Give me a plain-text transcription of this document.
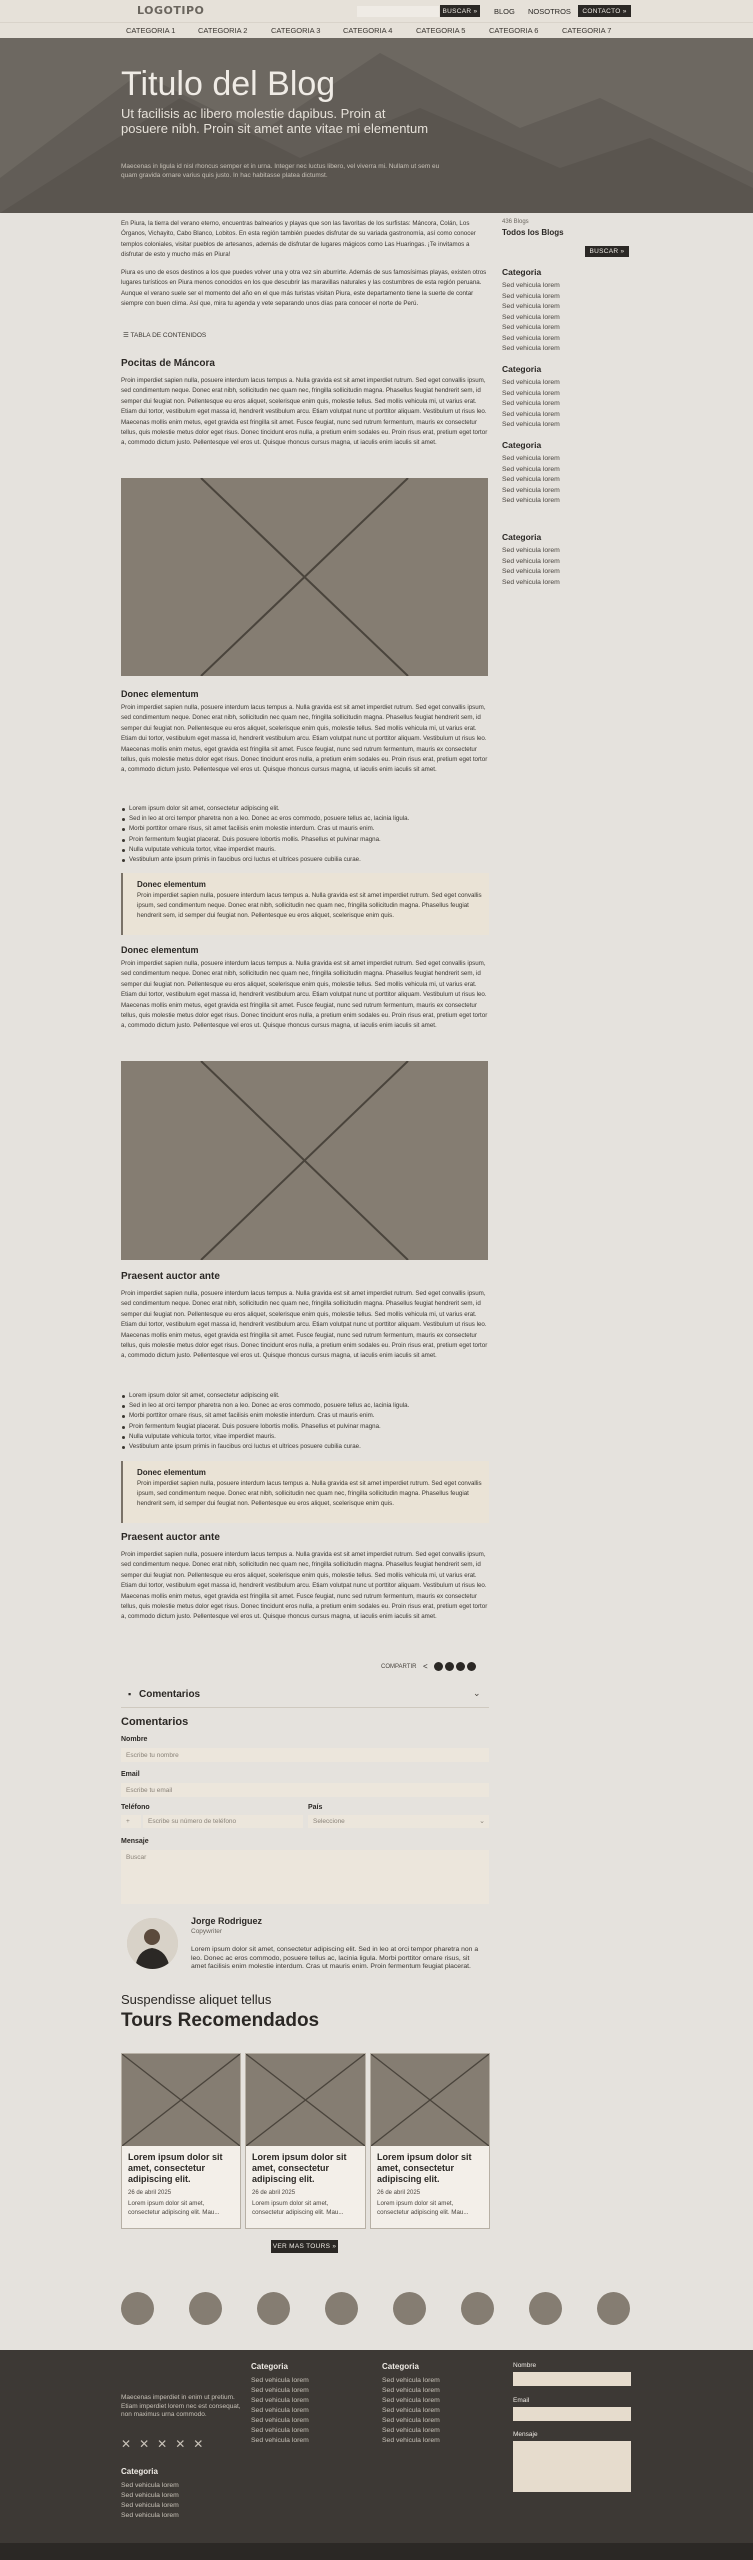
LOGOTIPO	BUSCAR »	BLOG NOSOTROS	CONTACTO »
CATEGORIA 1	CATEGORIA 2	CATEGORIA 3	CATEGORIA 4	CATEGORIA 5	CATEGORIA 6	CATEGORIA 7
Titulo del Blog
Ut facilisis ac libero molestie dapibus. Proin at posuere nibh. Proin sit amet ante vitae mi elementum
Maecenas in ligula id nisl rhoncus semper et in urna. Integer nec luctus libero, vel viverra mi. Nullam ut sem eu quam gravida ornare varius quis justo. In hac habitasse platea dictumst.
En Piura, la tierra del verano eterno, encuentras balnearios y playas que son las favoritas de los surfistas: Máncora, Colán, Los Órganos, Vichayito, Cabo Blanco, Lobitos. En esta región también puedes disfrutar de su variada gastronomía, así como conocer templos coloniales, visitar pueblos de artesanos, además de disfrutar de lugares mágicos como Las Huaringas. ¡Te invitamos a disfrutar de esto y mucho más en Piura!
Piura es uno de esos destinos a los que puedes volver una y otra vez sin aburrirte. Además de sus famosísimas playas, existen otros lugares turísticos en Piura menos conocidos en los que descubrir las maravillas naturales y las costumbres de esta región peruana. Aunque el verano suele ser el momento del año en el que más turistas visitan Piura, este departamento tiene la suerte de contar siempre con buen clima. Así que, mira tu agenda y vete separando unos días para conocer el norte de Perú.
☰ TABLA DE CONTENIDOS
Pocitas de Máncora
Proin imperdiet sapien nulla, posuere interdum lacus tempus a. Nulla gravida est sit amet imperdiet rutrum. Sed eget convallis ipsum, sed condimentum neque. Donec erat nibh, sollicitudin nec quam nec, fringilla sollicitudin magna. Phasellus feugiat hendrerit sem, id semper dui feugiat non. Pellentesque eu eros aliquet, scelerisque enim quis, molestie tellus. Sed mollis vehicula mi, ut varius erat. Etiam dui tortor, vestibulum eget massa id, hendrerit vestibulum arcu. Etiam volutpat nunc ut porttitor aliquam. Vestibulum ut risus leo. Maecenas mollis enim metus, eget gravida est fringilla sit amet. Fusce feugiat, nunc sed rutrum fermentum, mauris ex consectetur tellus, quis molestie metus dolor eget risus. Donec tincidunt eros nulla, a pretium enim sodales eu. Proin risus erat, pretium eget tortor a, commodo dictum justo. Pellentesque vel eros ut. Quisque rhoncus cursus magna, ut iaculis enim iaculis sit amet.
Donec elementum
Proin imperdiet sapien nulla, posuere interdum lacus tempus a. Nulla gravida est sit amet imperdiet rutrum. Sed eget convallis ipsum, sed condimentum neque. Donec erat nibh, sollicitudin nec quam nec, fringilla sollicitudin magna. Phasellus feugiat hendrerit sem, id semper dui feugiat non. Pellentesque eu eros aliquet, scelerisque enim quis, molestie tellus. Sed mollis vehicula mi, ut varius erat. Etiam dui tortor, vestibulum eget massa id, hendrerit vestibulum arcu. Etiam volutpat nunc ut porttitor aliquam. Vestibulum ut risus leo. Maecenas mollis enim metus, eget gravida est fringilla sit amet. Fusce feugiat, nunc sed rutrum fermentum, mauris ex consectetur tellus, quis molestie metus dolor eget risus. Donec tincidunt eros nulla, a pretium enim sodales eu. Proin risus erat, pretium eget tortor a, commodo dictum justo. Pellentesque vel eros ut. Quisque rhoncus cursus magna, ut iaculis enim iaculis sit amet.
Lorem ipsum dolor sit amet, consectetur adipiscing elit.
Sed in leo at orci tempor pharetra non a leo. Donec ac eros commodo, posuere tellus ac, lacinia ligula.
Morbi porttitor ornare risus, sit amet facilisis enim molestie interdum. Cras ut mauris enim.
Proin fermentum feugiat placerat. Duis posuere lobortis mollis. Phasellus et pulvinar magna.
Nulla vulputate vehicula tortor, vitae imperdiet mauris.
Vestibulum ante ipsum primis in faucibus orci luctus et ultrices posuere cubilia curae.
Donec elementum
Proin imperdiet sapien nulla, posuere interdum lacus tempus a. Nulla gravida est sit amet imperdiet rutrum. Sed eget convallis ipsum, sed condimentum neque. Donec erat nibh, sollicitudin nec quam nec, fringilla sollicitudin magna. Phasellus feugiat hendrerit sem, id semper dui feugiat non. Pellentesque eu eros aliquet, scelerisque enim quis.
Donec elementum
Proin imperdiet sapien nulla, posuere interdum lacus tempus a. Nulla gravida est sit amet imperdiet rutrum. Sed eget convallis ipsum, sed condimentum neque. Donec erat nibh, sollicitudin nec quam nec, fringilla sollicitudin magna. Phasellus feugiat hendrerit sem, id semper dui feugiat non. Pellentesque eu eros aliquet, scelerisque enim quis, molestie tellus. Sed mollis vehicula mi, ut varius erat. Etiam dui tortor, vestibulum eget massa id, hendrerit vestibulum arcu. Etiam volutpat nunc ut porttitor aliquam. Vestibulum ut risus leo. Maecenas mollis enim metus, eget gravida est fringilla sit amet. Fusce feugiat, nunc sed rutrum fermentum, mauris ex consectetur tellus, quis molestie metus dolor eget risus. Donec tincidunt eros nulla, a pretium enim sodales eu. Proin risus erat, pretium eget tortor a, commodo dictum justo. Pellentesque vel eros ut. Quisque rhoncus cursus magna, ut iaculis enim iaculis sit amet.
Praesent auctor ante
Proin imperdiet sapien nulla, posuere interdum lacus tempus a. Nulla gravida est sit amet imperdiet rutrum. Sed eget convallis ipsum, sed condimentum neque. Donec erat nibh, sollicitudin nec quam nec, fringilla sollicitudin magna. Phasellus feugiat hendrerit sem, id semper dui feugiat non. Pellentesque eu eros aliquet, scelerisque enim quis, molestie tellus. Sed mollis vehicula mi, ut varius erat. Etiam dui tortor, vestibulum eget massa id, hendrerit vestibulum arcu. Etiam volutpat nunc ut porttitor aliquam. Vestibulum ut risus leo. Maecenas mollis enim metus, eget gravida est fringilla sit amet. Fusce feugiat, nunc sed rutrum fermentum, mauris ex consectetur tellus, quis molestie metus dolor eget risus. Donec tincidunt eros nulla, a pretium enim sodales eu. Proin risus erat, pretium eget tortor a, commodo dictum justo. Pellentesque vel eros ut. Quisque rhoncus cursus magna, ut iaculis enim iaculis sit amet.
Lorem ipsum dolor sit amet, consectetur adipiscing elit.
Sed in leo at orci tempor pharetra non a leo. Donec ac eros commodo, posuere tellus ac, lacinia ligula.
Morbi porttitor ornare risus, sit amet facilisis enim molestie interdum. Cras ut mauris enim.
Proin fermentum feugiat placerat. Duis posuere lobortis mollis. Phasellus et pulvinar magna.
Nulla vulputate vehicula tortor, vitae imperdiet mauris.
Vestibulum ante ipsum primis in faucibus orci luctus et ultrices posuere cubilia curae.
Donec elementum
Proin imperdiet sapien nulla, posuere interdum lacus tempus a. Nulla gravida est sit amet imperdiet rutrum. Sed eget convallis ipsum, sed condimentum neque. Donec erat nibh, sollicitudin nec quam nec, fringilla sollicitudin magna. Phasellus feugiat hendrerit sem, id semper dui feugiat non. Pellentesque eu eros aliquet, scelerisque enim quis.
Praesent auctor ante
Proin imperdiet sapien nulla, posuere interdum lacus tempus a. Nulla gravida est sit amet imperdiet rutrum. Sed eget convallis ipsum, sed condimentum neque. Donec erat nibh, sollicitudin nec quam nec, fringilla sollicitudin magna. Phasellus feugiat hendrerit sem, id semper dui feugiat non. Pellentesque eu eros aliquet, scelerisque enim quis, molestie tellus. Sed mollis vehicula mi, ut varius erat. Etiam dui tortor, vestibulum eget massa id, hendrerit vestibulum arcu. Etiam volutpat nunc ut porttitor aliquam. Vestibulum ut risus leo. Maecenas mollis enim metus, eget gravida est fringilla sit amet. Fusce feugiat, nunc sed rutrum fermentum, mauris ex consectetur tellus, quis molestie metus dolor eget risus. Donec tincidunt eros nulla, a pretium enim sodales eu. Proin risus erat, pretium eget tortor a, commodo dictum justo. Pellentesque vel eros ut. Quisque rhoncus cursus magna, ut iaculis enim iaculis sit amet.
COMPARTIR <
▪ Comentarios	⌄
Comentarios
Nombre
Escribe tu nombre
Email
Escribe tu email
Teléfono
+	Escribe su número de teléfono
País
Seleccione	⌄
Mensaje
Buscar
Jorge Rodriguez
Copywriter
Lorem ipsum dolor sit amet, consectetur adipiscing elit. Sed in leo at orci tempor pharetra non a leo. Donec ac eros commodo, posuere tellus ac, lacinia ligula. Morbi porttitor ornare risus, sit amet facilisis enim molestie interdum. Cras ut mauris enim. Proin fermentum feugiat placerat.
Suspendisse aliquet tellus
Tours Recomendados
Lorem ipsum dolor sit amet, consectetur adipiscing elit.
26 de abril 2025
Lorem ipsum dolor sit amet, consectetur adipiscing elit. Mau...
Lorem ipsum dolor sit amet, consectetur adipiscing elit.
26 de abril 2025
Lorem ipsum dolor sit amet, consectetur adipiscing elit. Mau...
Lorem ipsum dolor sit amet, consectetur adipiscing elit.
26 de abril 2025
Lorem ipsum dolor sit amet, consectetur adipiscing elit. Mau...
VER MAS TOURS »
436 Blogs
Todos los Blogs
BUSCAR »
Categoria
Sed vehicula lorem
Sed vehicula lorem
Sed vehicula lorem
Sed vehicula lorem
Sed vehicula lorem
Sed vehicula lorem
Sed vehicula lorem
Categoria
Sed vehicula lorem
Sed vehicula lorem
Sed vehicula lorem
Sed vehicula lorem
Sed vehicula lorem
Categoria
Sed vehicula lorem
Sed vehicula lorem
Sed vehicula lorem
Sed vehicula lorem
Sed vehicula lorem
Categoria
Sed vehicula lorem
Sed vehicula lorem
Sed vehicula lorem
Sed vehicula lorem
Maecenas imperdiet in enim ut pretium. Etiam imperdiet lorem nec est consequat, non maximus urna commodo.
✕ ✕ ✕ ✕ ✕
Categoria
Sed vehicula lorem
Sed vehicula lorem
Sed vehicula lorem
Sed vehicula lorem
Categoria
Sed vehicula lorem
Sed vehicula lorem
Sed vehicula lorem
Sed vehicula lorem
Sed vehicula lorem
Sed vehicula lorem
Sed vehicula lorem
Categoria
Sed vehicula lorem
Sed vehicula lorem
Sed vehicula lorem
Sed vehicula lorem
Sed vehicula lorem
Sed vehicula lorem
Sed vehicula lorem
Nombre
Email
Mensaje
